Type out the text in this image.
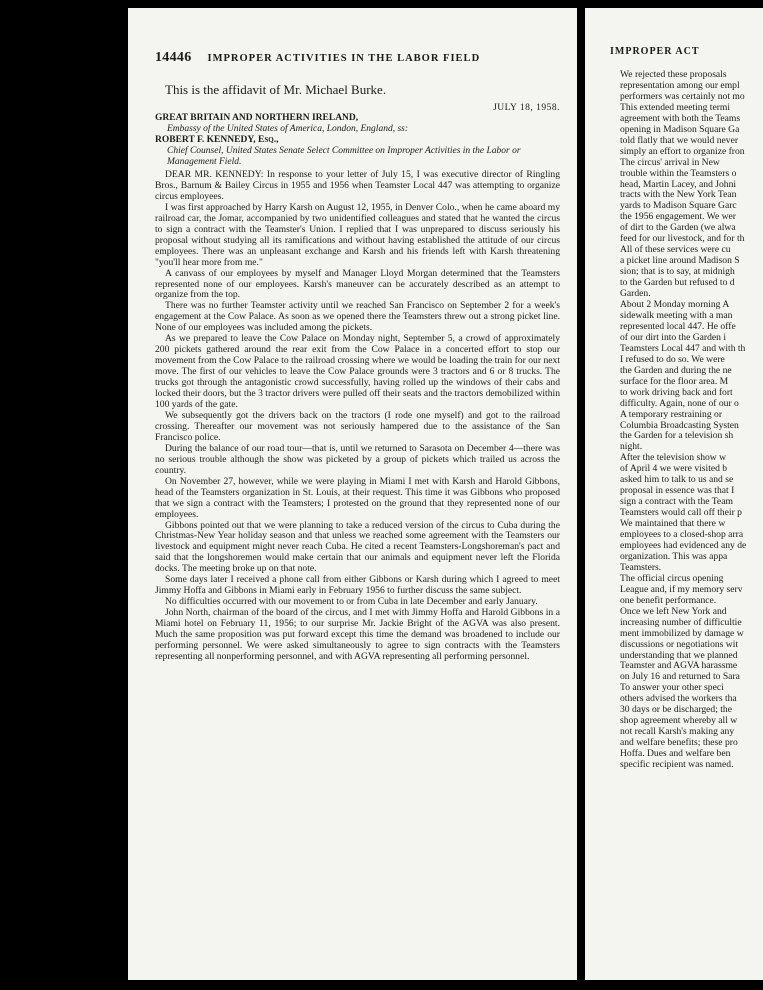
14446 IMPROPER ACTIVITIES IN THE LABOR FIELD
This is the affidavit of Mr. Michael Burke.
JULY 18, 1958.
GREAT BRITAIN AND NORTHERN IRELAND,
Embassy of the United States of America, London, England, ss:
ROBERT F. KENNEDY, Esq.,
Chief Counsel, United States Senate Select Committee on Improper Activities in the Labor or Management Field.

DEAR MR. KENNEDY: In response to your letter of July 15, I was executive director of Ringling Bros., Barnum & Bailey Circus in 1955 and 1956 when Teamster Local 447 was attempting to organize circus employees.

I was first approached by Harry Karsh on August 12, 1955, in Denver Colo., when he came aboard my railroad car, the Jomar, accompanied by two unidentified colleagues and stated that he wanted the circus to sign a contract with the Teamster's Union. I replied that I was unprepared to discuss seriously his proposal without studying all its ramifications and without having established the attitude of our circus employees. There was an unpleasant exchange and Karsh and his friends left with Karsh threatening "you'll hear more from me."

A canvass of our employees by myself and Manager Lloyd Morgan determined that the Teamsters represented none of our employees. Karsh's maneuver can be accurately described as an attempt to organize from the top.

There was no further Teamster activity until we reached San Francisco on September 2 for a week's engagement at the Cow Palace. As soon as we opened there the Teamsters threw out a strong picket line. None of our employees was included among the pickets.

As we prepared to leave the Cow Palace on Monday night, September 5, a crowd of approximately 200 pickets gathered around the rear exit from the Cow Palace in a concerted effort to stop our movement from the Cow Palace to the railroad crossing where we would be loading the train for our next move. The first of our vehicles to leave the Cow Palace grounds were 3 tractors and 6 or 8 trucks. The trucks got through the antagonistic crowd successfully, having rolled up the windows of their cabs and locked their doors, but the 3 tractor drivers were pulled off their seats and the tractors demobilized within 100 yards of the gate.

We subsequently got the drivers back on the tractors (I rode one myself) and got to the railroad crossing. Thereafter our movement was not seriously hampered due to the assistance of the San Francisco police.

During the balance of our road tour—that is, until we returned to Sarasota on December 4—there was no serious trouble although the show was picketed by a group of pickets which trailed us across the country.

On November 27, however, while we were playing in Miami I met with Karsh and Harold Gibbons, head of the Teamsters organization in St. Louis, at their request. This time it was Gibbons who proposed that we sign a contract with the Teamsters; I protested on the ground that they represented none of our employees.

Gibbons pointed out that we were planning to take a reduced version of the circus to Cuba during the Christmas-New Year holiday season and that unless we reached some agreement with the Teamsters our livestock and equipment might never reach Cuba. He cited a recent Teamsters-Longshoreman's pact and said that the longshoremen would make certain that our animals and equipment never left the Florida docks. The meeting broke up on that note.

Some days later I received a phone call from either Gibbons or Karsh during which I agreed to meet Jimmy Hoffa and Gibbons in Miami early in February 1956 to further discuss the same subject.

No difficulties occurred with our movement to or from Cuba in late December and early January.

John North, chairman of the board of the circus, and I met with Jimmy Hoffa and Harold Gibbons in a Miami hotel on February 11, 1956; to our surprise Mr. Jackie Bright of the AGVA was also present. Much the same proposition was put forward except this time the demand was broadened to include our performing personnel. We were asked simultaneously to agree to sign contracts with the Teamsters representing all nonperforming personnel, and with AGVA representing all performing personnel.

IMPROPER ACT

We rejected these proposals

representation among our empl

performers was certainly not mo

This extended meeting termi

agreement with both the Teams

opening in Madison Square Ga

told flatly that we would never

simply an effort to organize fron

The circus' arrival in New

trouble within the Teamsters o

head, Martin Lacey, and Johni

tracts with the New York Tean

yards to Madison Square Garc

the 1956 engagement. We wer

of dirt to the Garden (we alwa

feed for our livestock, and for th

All of these services were cu

a picket line around Madison S

sion; that is to say, at midnigh

to the Garden but refused to d

Garden.

About 2 Monday morning A

sidewalk meeting with a man

represented local 447. He offe

of our dirt into the Garden i

Teamsters Local 447 and with th

I refused to do so. We were

the Garden and during the ne

surface for the floor area. M

to work driving back and fort

difficulty. Again, none of our o

A temporary restraining or

Columbia Broadcasting Systen

the Garden for a television sh

night.

After the television show w

of April 4 we were visited b

asked him to talk to us and se

proposal in essence was that I

sign a contract with the Team

Teamsters would call off their p

We maintained that there w

employees to a closed-shop arra

employees had evidenced any de

organization. This was appa

Teamsters.

The official circus opening

League and, if my memory serv

one benefit performance.

Once we left New York and

increasing number of difficultie

ment immobilized by damage w

discussions or negotiations wit

understanding that we planned

Teamster and AGVA harassme

on July 16 and returned to Sara

To answer your other speci

others advised the workers tha

30 days or be discharged; the

shop agreement whereby all w

not recall Karsh's making any

and welfare benefits; these pro

Hoffa. Dues and welfare ben

specific recipient was named.
